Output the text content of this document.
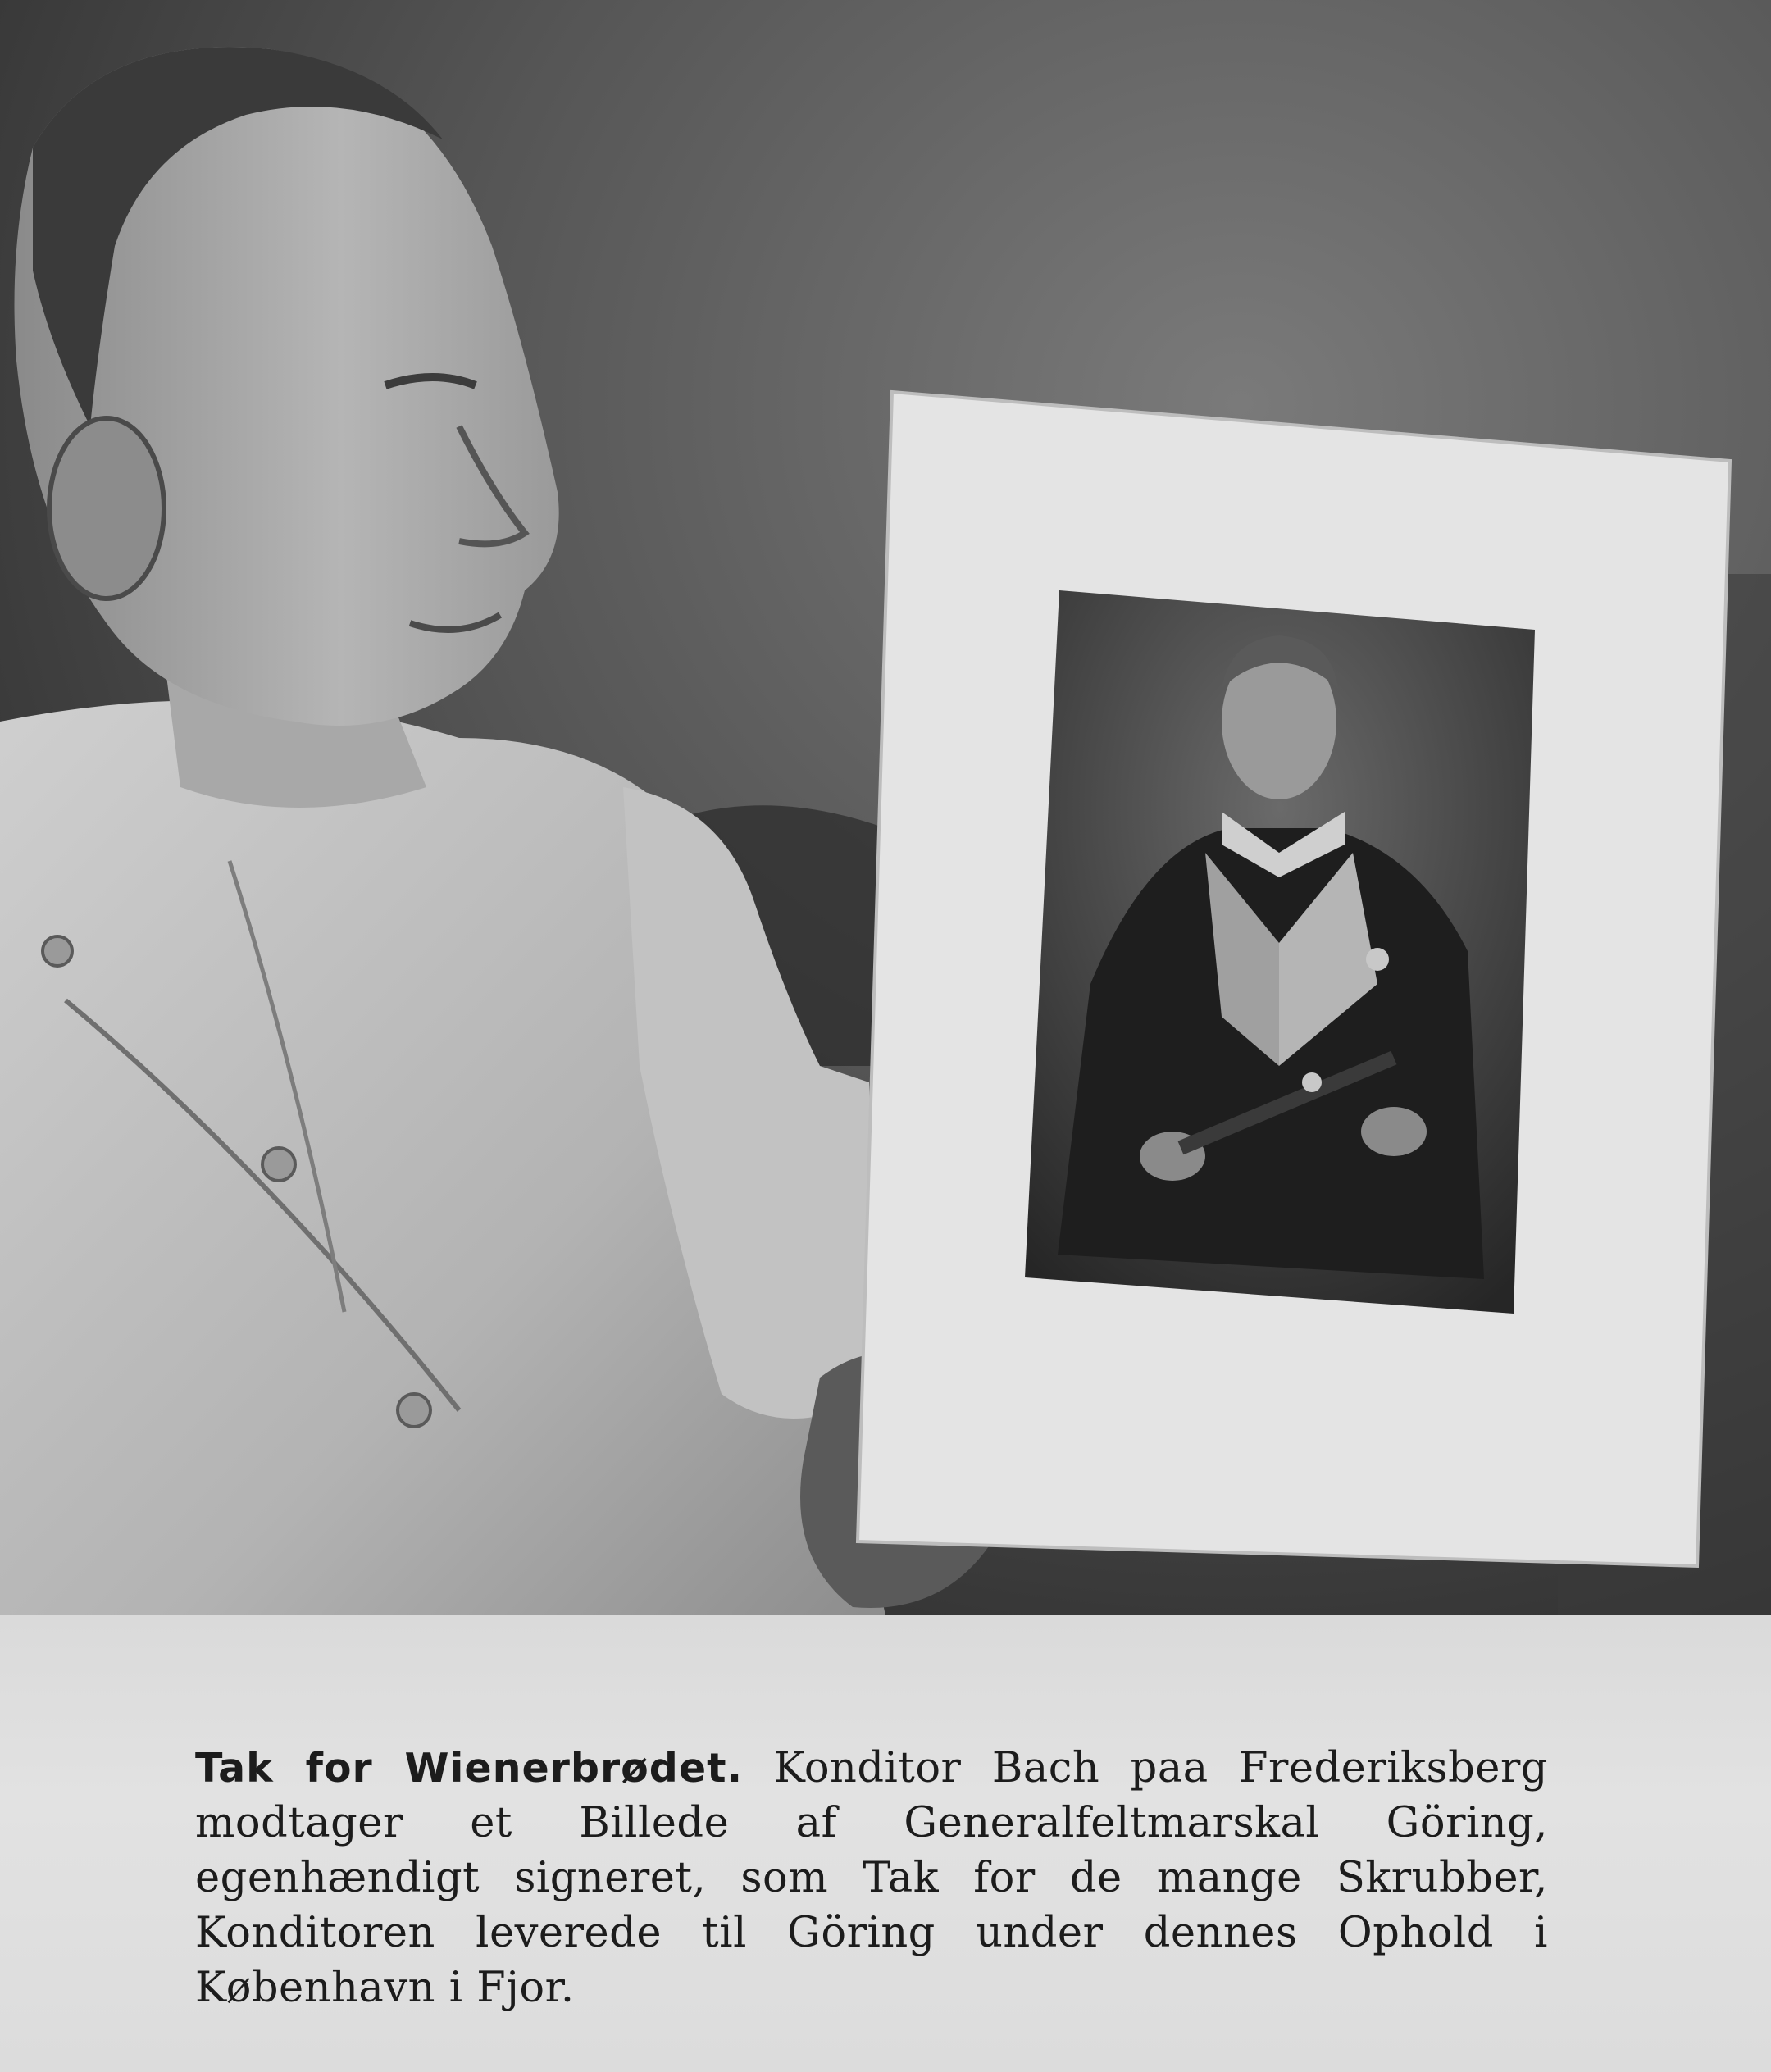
Tak for Wienerbrødet. Konditor Bach paa Frederiksberg modtager et Billede af Generalfeltmarskal Göring, egenhændigt signeret, som Tak for de mange Skrubber, Konditoren leverede til Göring under dennes Ophold i København i Fjor.
